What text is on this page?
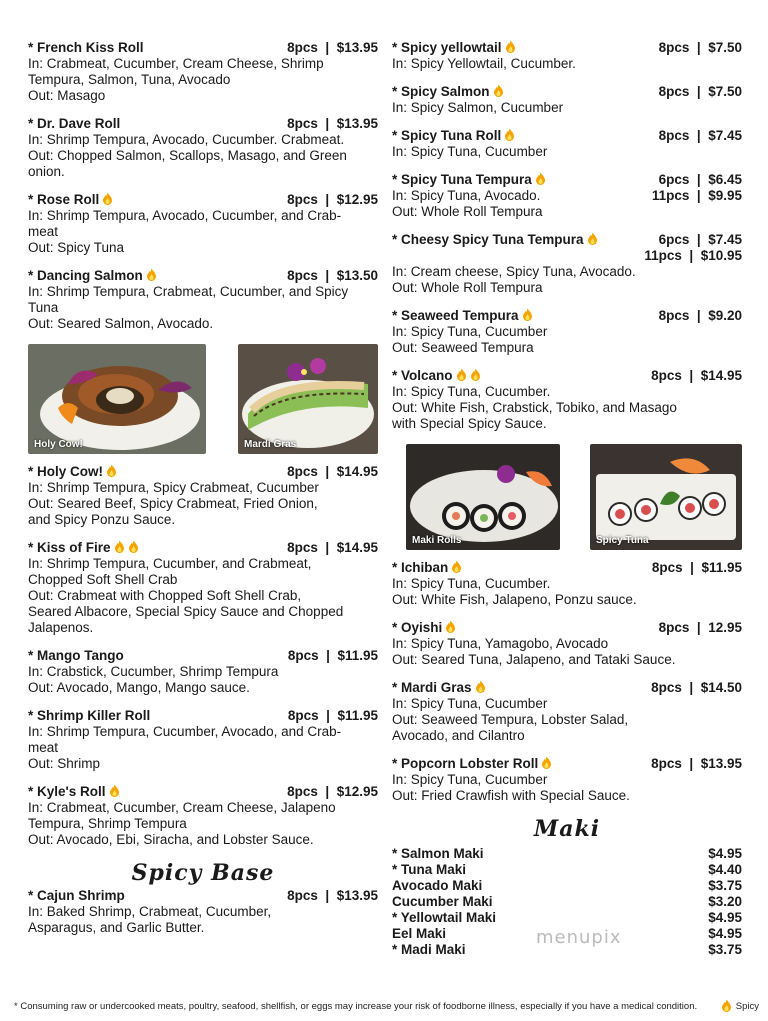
* French Kiss Roll	8pcs  |  $13.95
In: Crabmeat, Cucumber, Cream Cheese, Shrimp
Tempura, Salmon, Tuna, Avocado
Out: Masago
* Dr. Dave Roll	8pcs  |  $13.95
In: Shrimp Tempura, Avocado, Cucumber. Crabmeat.
Out: Chopped Salmon, Scallops, Masago, and Green
onion.
* Rose Roll	8pcs  |  $12.95
In: Shrimp Tempura, Avocado, Cucumber, and Crab-
meat
Out: Spicy Tuna
* Dancing Salmon	8pcs  |  $13.50
In: Shrimp Tempura, Crabmeat, Cucumber, and Spicy
Tuna
Out: Seared Salmon, Avocado.
Holy Cow!	Mardi Gras
* Holy Cow!	8pcs  |  $14.95
In: Shrimp Tempura, Spicy Crabmeat, Cucumber
Out: Seared Beef, Spicy Crabmeat, Fried Onion,
and Spicy Ponzu Sauce.
* Kiss of Fire	8pcs  |  $14.95
In: Shrimp Tempura, Cucumber, and Crabmeat,
Chopped Soft Shell Crab
Out: Crabmeat with Chopped Soft Shell Crab,
Seared Albacore, Special Spicy Sauce and Chopped
Jalapenos.
* Mango Tango	8pcs  |  $11.95
In: Crabstick, Cucumber, Shrimp Tempura
Out: Avocado, Mango, Mango sauce.
* Shrimp Killer Roll	8pcs  |  $11.95
In: Shrimp Tempura, Cucumber, Avocado, and Crab-
meat
Out: Shrimp
* Kyle's Roll	8pcs  |  $12.95
In: Crabmeat, Cucumber, Cream Cheese, Jalapeno
Tempura, Shrimp Tempura
Out: Avocado, Ebi, Siracha, and Lobster Sauce.
Spicy Base
* Cajun Shrimp	8pcs  |  $13.95
In: Baked Shrimp, Crabmeat, Cucumber,
Asparagus, and Garlic Butter.
* Spicy yellowtail	8pcs  |  $7.50
In: Spicy Yellowtail, Cucumber.
* Spicy Salmon	8pcs  |  $7.50
In: Spicy Salmon, Cucumber
* Spicy Tuna Roll	8pcs  |  $7.45
In: Spicy Tuna, Cucumber
* Spicy Tuna Tempura	6pcs  |  $6.45
In: Spicy Tuna, Avocado.	11pcs  |  $9.95
Out: Whole Roll Tempura
* Cheesy Spicy Tuna Tempura	6pcs  |  $7.45
11pcs  |  $10.95
In: Cream cheese, Spicy Tuna, Avocado.
Out: Whole Roll Tempura
* Seaweed Tempura	8pcs  |  $9.20
In: Spicy Tuna, Cucumber
Out: Seaweed Tempura
* Volcano	8pcs  |  $14.95
In: Spicy Tuna, Cucumber.
Out: White Fish, Crabstick, Tobiko, and Masago
with Special Spicy Sauce.
Maki Rolls	Spicy Tuna
* Ichiban	8pcs  |  $11.95
In: Spicy Tuna, Cucumber.
Out: White Fish, Jalapeno, Ponzu sauce.
* Oyishi	8pcs  |  12.95
In: Spicy Tuna, Yamagobo, Avocado
Out: Seared Tuna, Jalapeno, and Tataki Sauce.
* Mardi Gras	8pcs  |  $14.50
In: Spicy Tuna, Cucumber
Out: Seaweed Tempura, Lobster Salad,
Avocado, and Cilantro
* Popcorn Lobster Roll	8pcs  |  $13.95
In: Spicy Tuna, Cucumber
Out: Fried Crawfish with Special Sauce.
Maki
* Salmon Maki	$4.95
* Tuna Maki	$4.40
Avocado Maki	$3.75
Cucumber Maki	$3.20
* Yellowtail Maki	$4.95
Eel Maki	$4.95
* Madi Maki	$3.75
menupix
* Consuming raw or undercooked meats, poultry, seafood, shellfish, or eggs may increase your risk of foodborne illness, especially if you have a medical condition.	Spicy
